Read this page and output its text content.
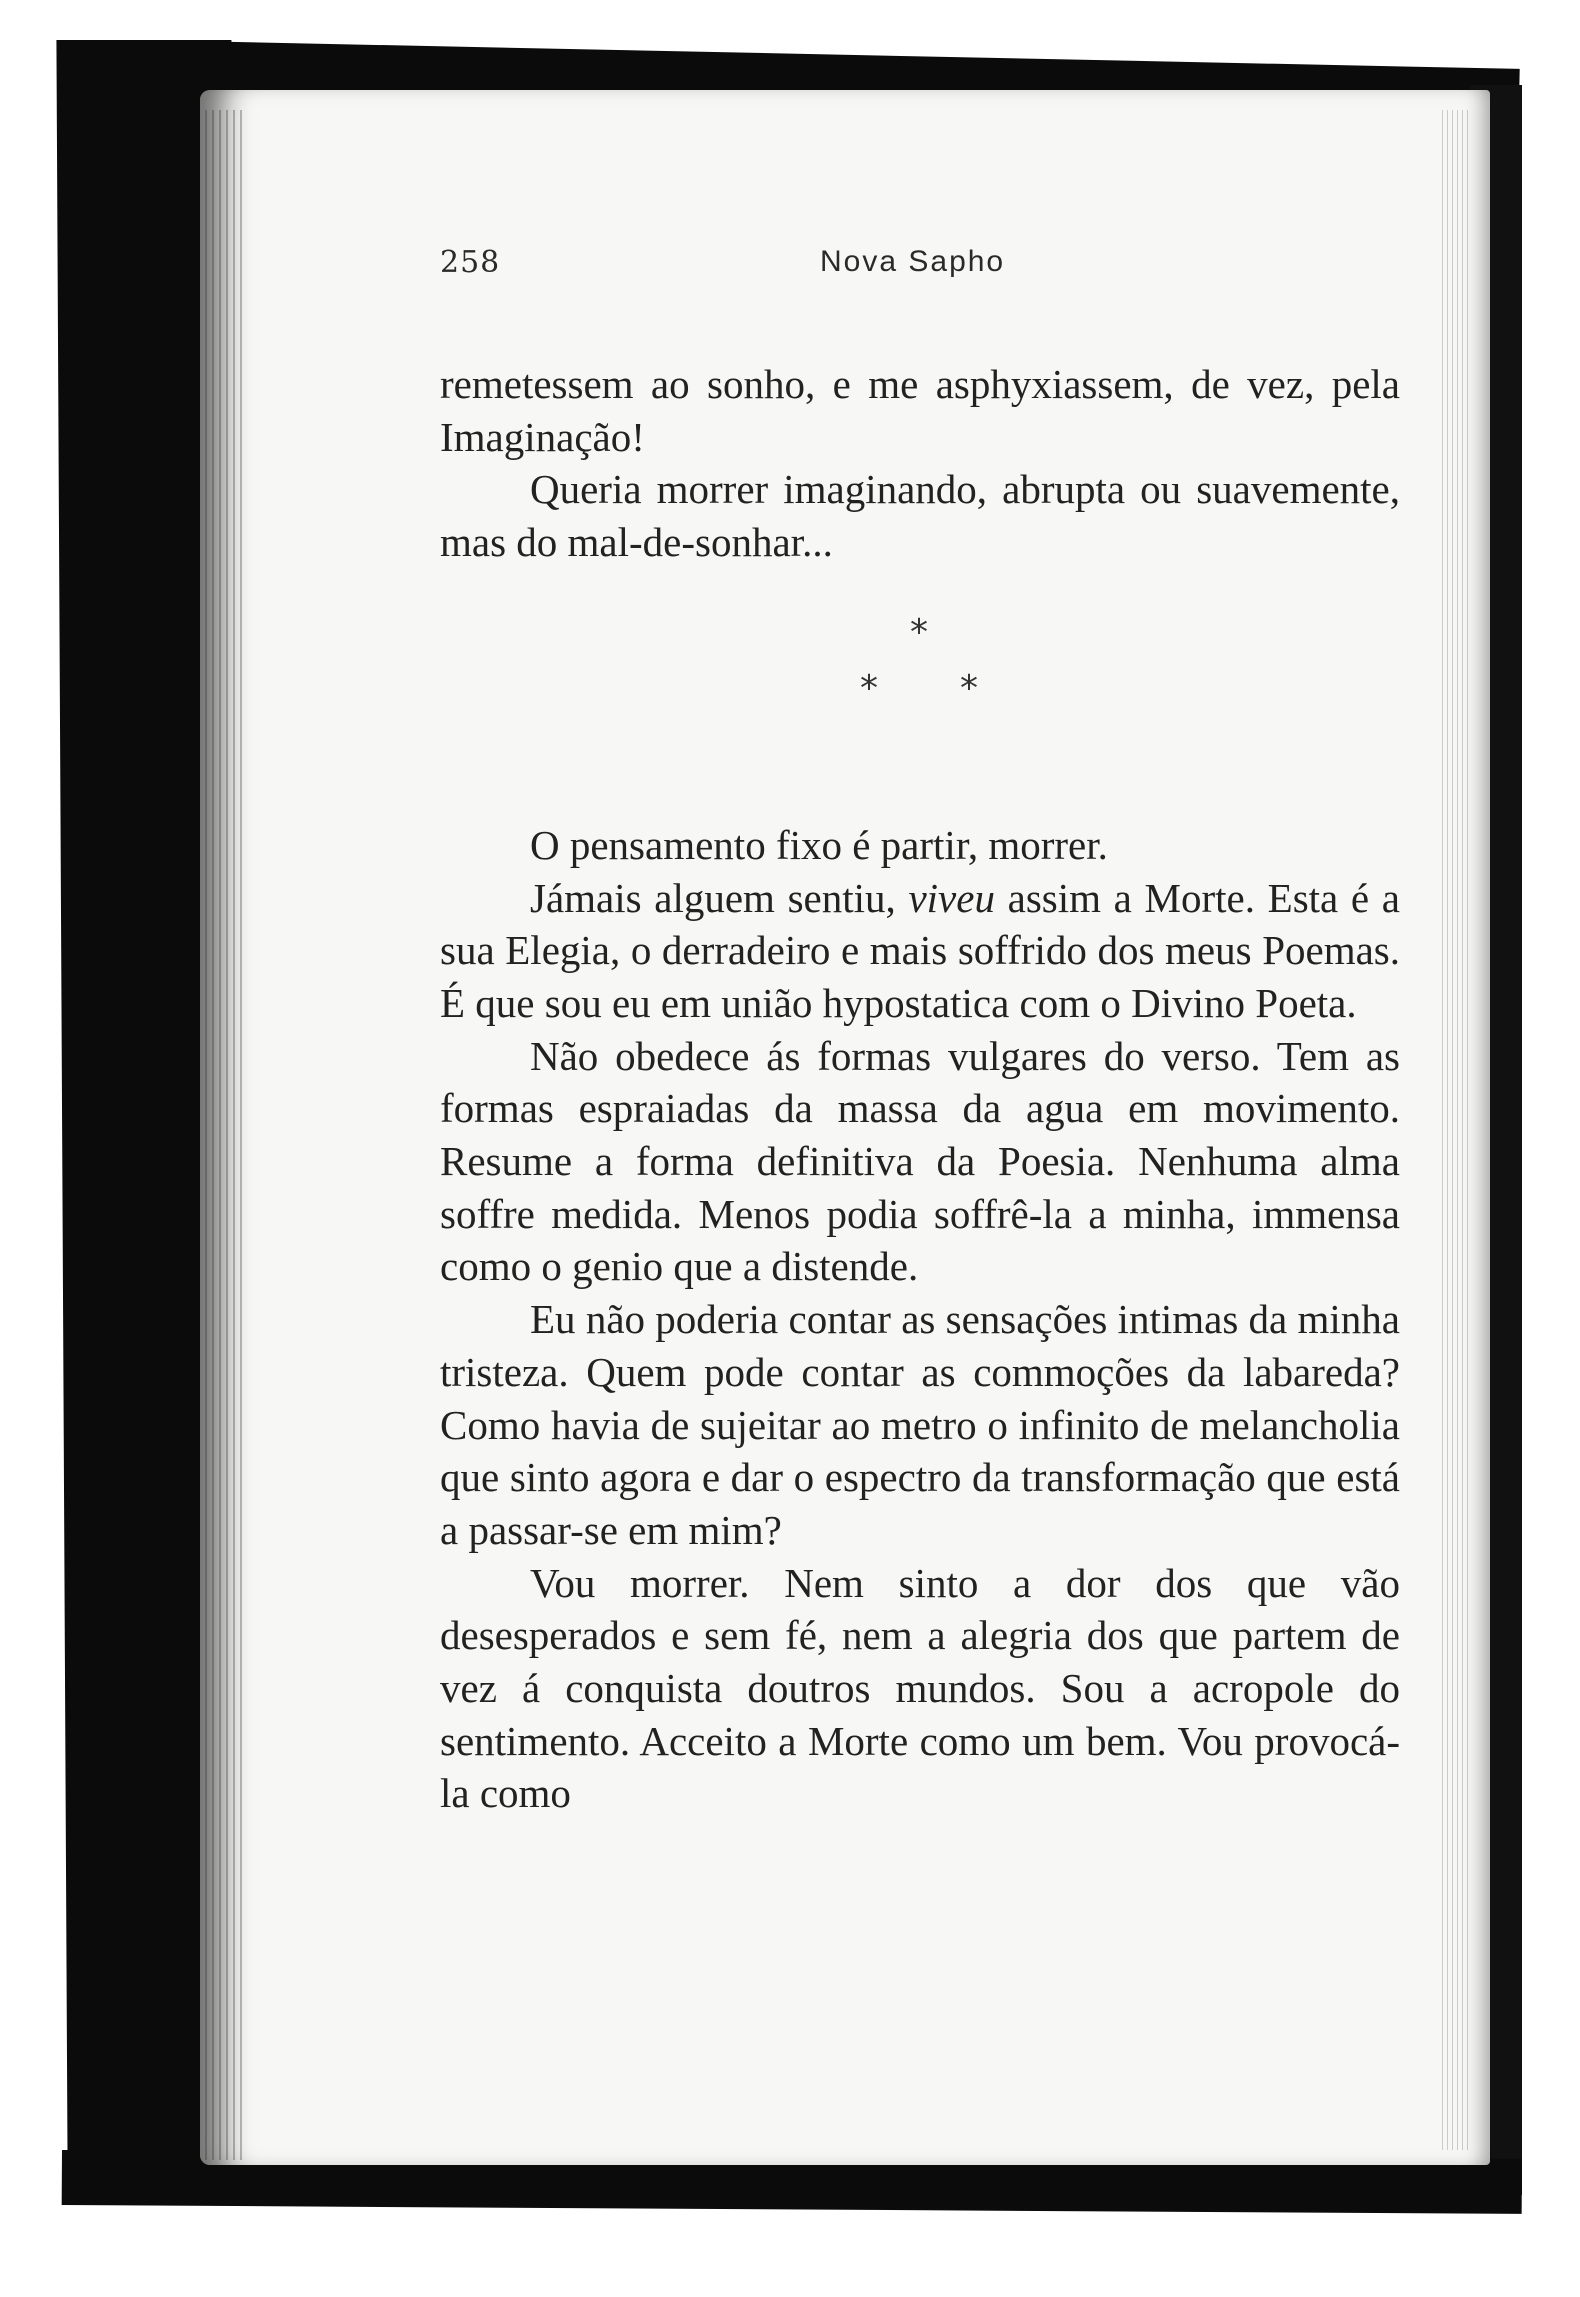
258	Nova Sapho

remetessem ao sonho, e me asphyxiassem, de vez, pela Imaginação!

Queria morrer imaginando, abrupta ou suavemente, mas do mal-de-sonhar...

*
* *

O pensamento fixo é partir, morrer.

Jámais alguem sentiu, viveu assim a Morte. Esta é a sua Elegia, o derradeiro e mais soffrido dos meus Poemas. É que sou eu em união hypostatica com o Divino Poeta.

Não obedece ás formas vulgares do verso. Tem as formas espraiadas da massa da agua em movimento. Resume a forma definitiva da Poesia. Nenhuma alma soffre medida. Menos podia soffrê-la a minha, immensa como o genio que a distende.

Eu não poderia contar as sensações intimas da minha tristeza. Quem pode contar as commoções da labareda? Como havia de sujeitar ao metro o infinito de melancholia que sinto agora e dar o espectro da transformação que está a passar-se em mim?

Vou morrer. Nem sinto a dor dos que vão desesperados e sem fé, nem a alegria dos que partem de vez á conquista doutros mundos. Sou a acropole do sentimento. Acceito a Morte como um bem. Vou provocá-la como
